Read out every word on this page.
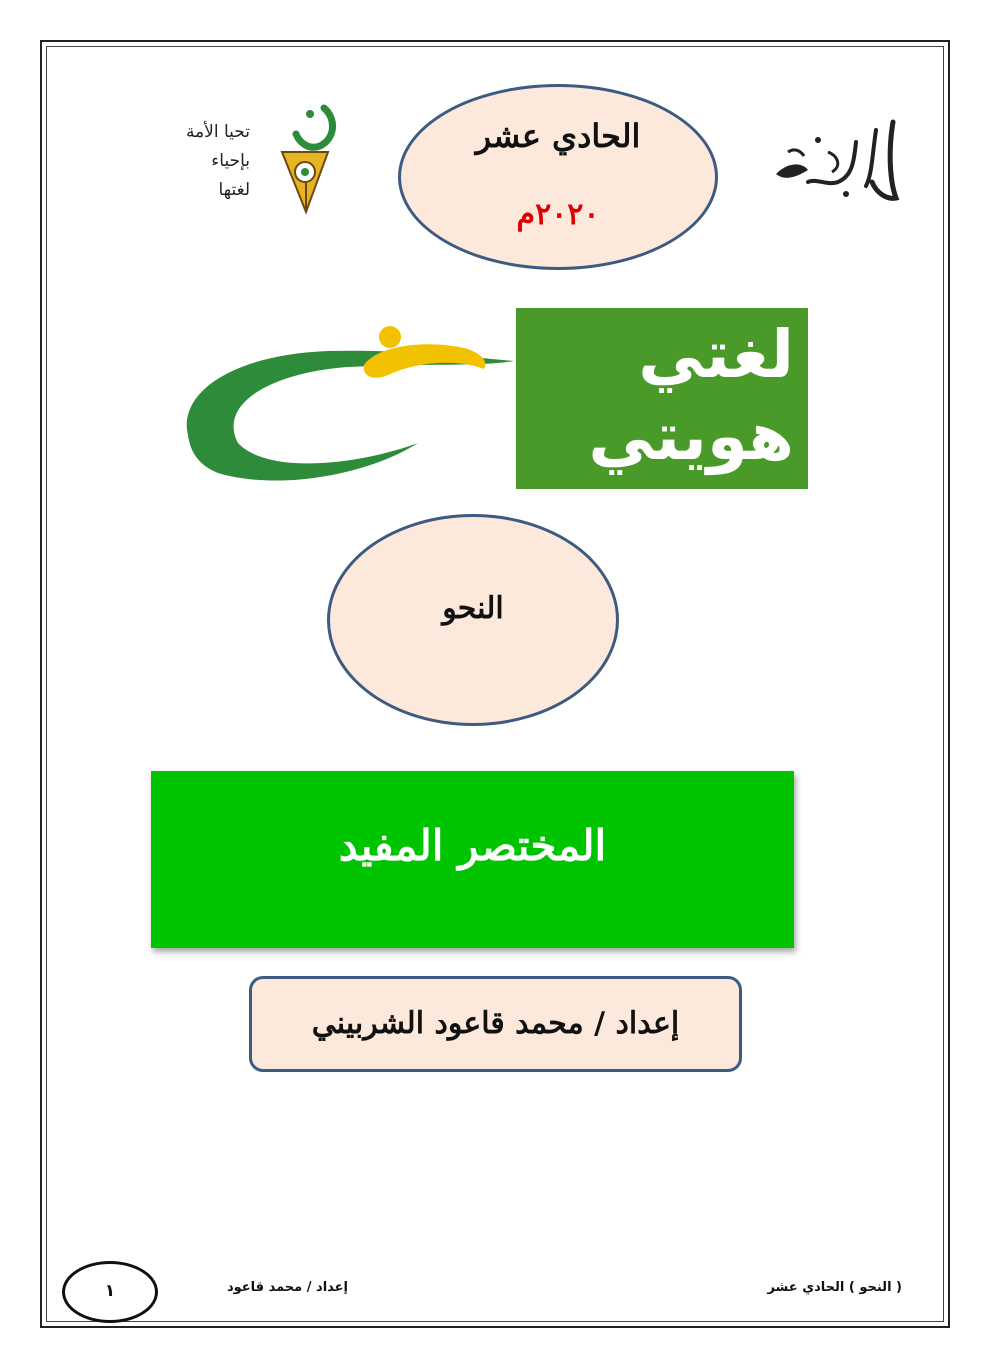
اللغة العربية
الحادي عشر
٢٠٢٠م
تحيا الأمة
بإحياء
لغتها
لغتي
هويتي
النحو
المختصر المفيد
إعداد / محمد قاعود الشربيني
١	إعداد / محمد قاعود	( النحو ) الحادي عشر
